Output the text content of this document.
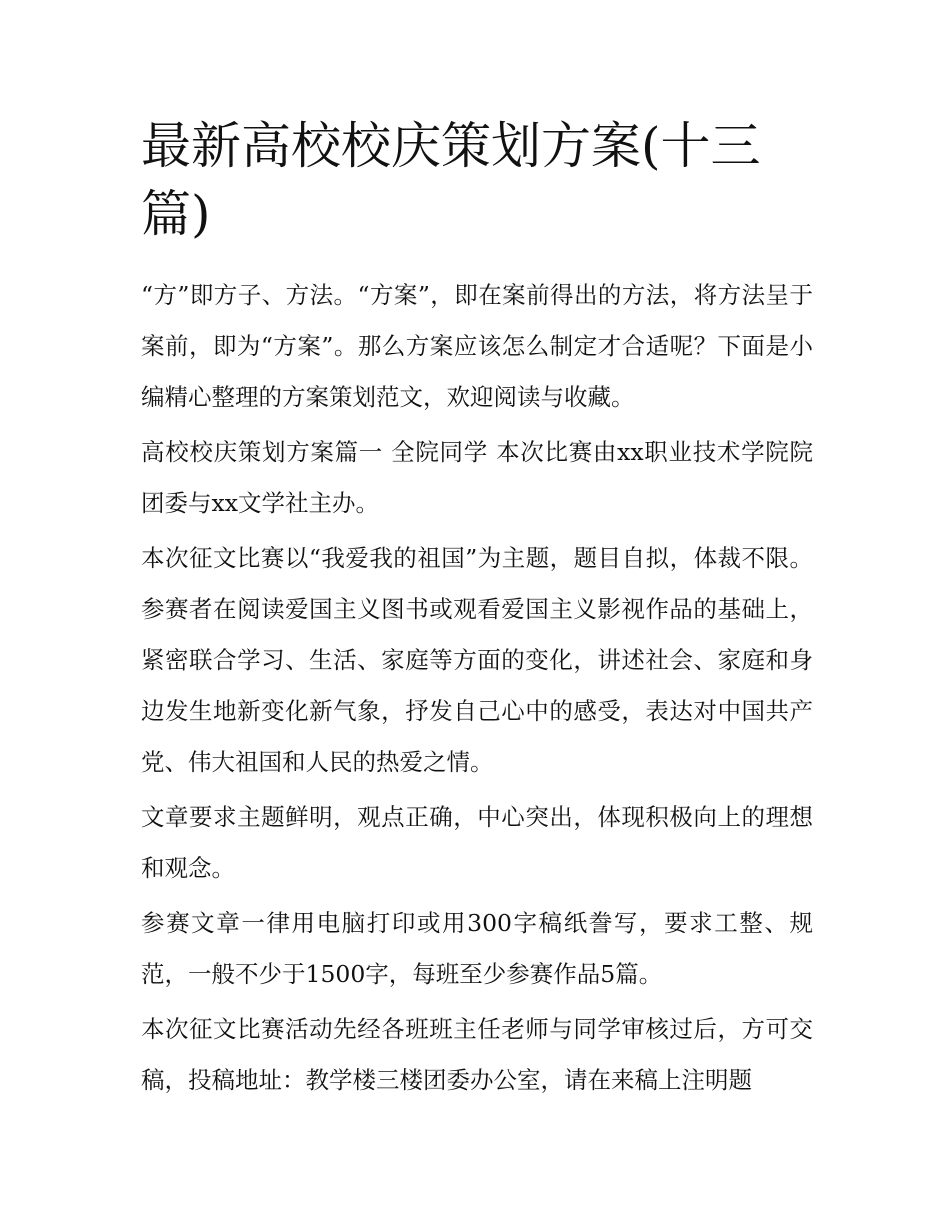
最新高校校庆策划方案(十三篇)

“方”即方子、方法。“方案”，即在案前得出的方法，将方法呈于案前，即为“方案”。那么方案应该怎么制定才合适呢？下面是小编精心整理的方案策划范文，欢迎阅读与收藏。

高校校庆策划方案篇一 全院同学 本次比赛由xx职业技术学院院团委与xx文学社主办。

本次征文比赛以“我爱我的祖国”为主题，题目自拟，体裁不限。参赛者在阅读爱国主义图书或观看爱国主义影视作品的基础上，紧密联合学习、生活、家庭等方面的变化，讲述社会、家庭和身边发生地新变化新气象，抒发自己心中的感受，表达对中国共产党、伟大祖国和人民的热爱之情。

文章要求主题鲜明，观点正确，中心突出，体现积极向上的理想和观念。

参赛文章一律用电脑打印或用300字稿纸誊写，要求工整、规范，一般不少于1500字，每班至少参赛作品5篇。

本次征文比赛活动先经各班班主任老师与同学审核过后，方可交稿，投稿地址：教学楼三楼团委办公室，请在来稿上注明题
